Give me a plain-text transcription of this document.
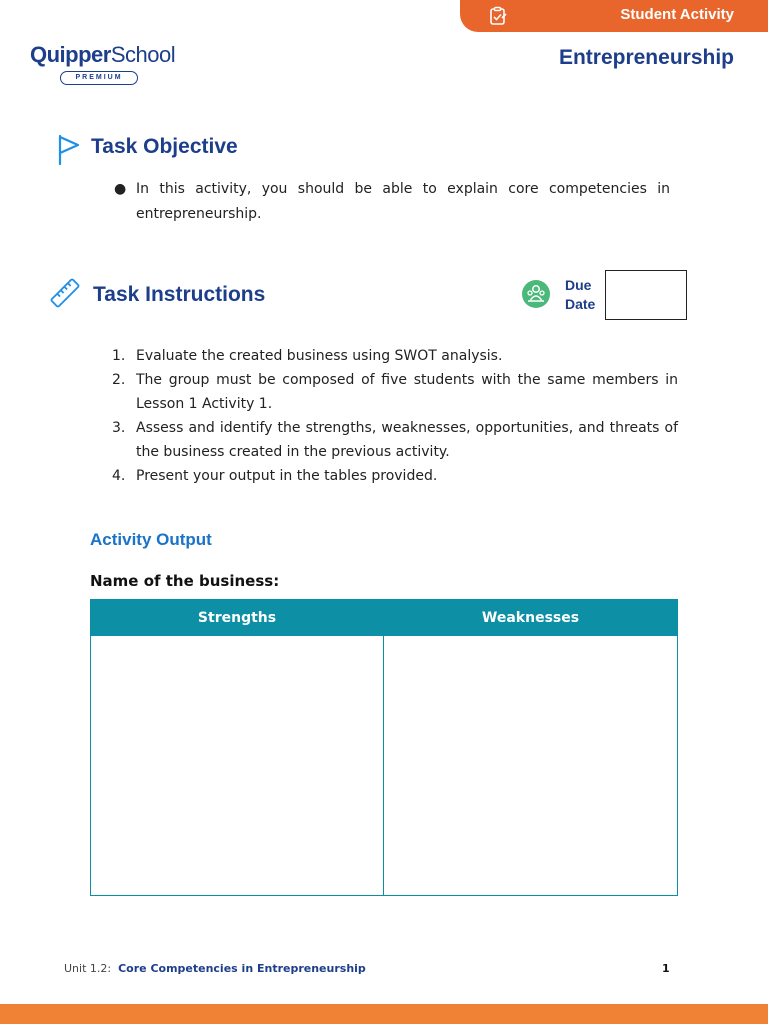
Student Activity
QuipperSchool
PREMIUM
Entrepreneurship
Task Objective
● In this activity, you should be able to explain core competencies in entrepreneurship.

Task Instructions	Due
Date
1. Evaluate the created business using SWOT analysis.
2. The group must be composed of five students with the same members in Lesson 1 Activity 1.
3. Assess and identify the strengths, weaknesses, opportunities, and threats of the business created in the previous activity.
4. Present your output in the tables provided.
Activity Output
Name of the business:
Strengths	Weaknesses
Unit 1.2: Core Competencies in Entrepreneurship	1
